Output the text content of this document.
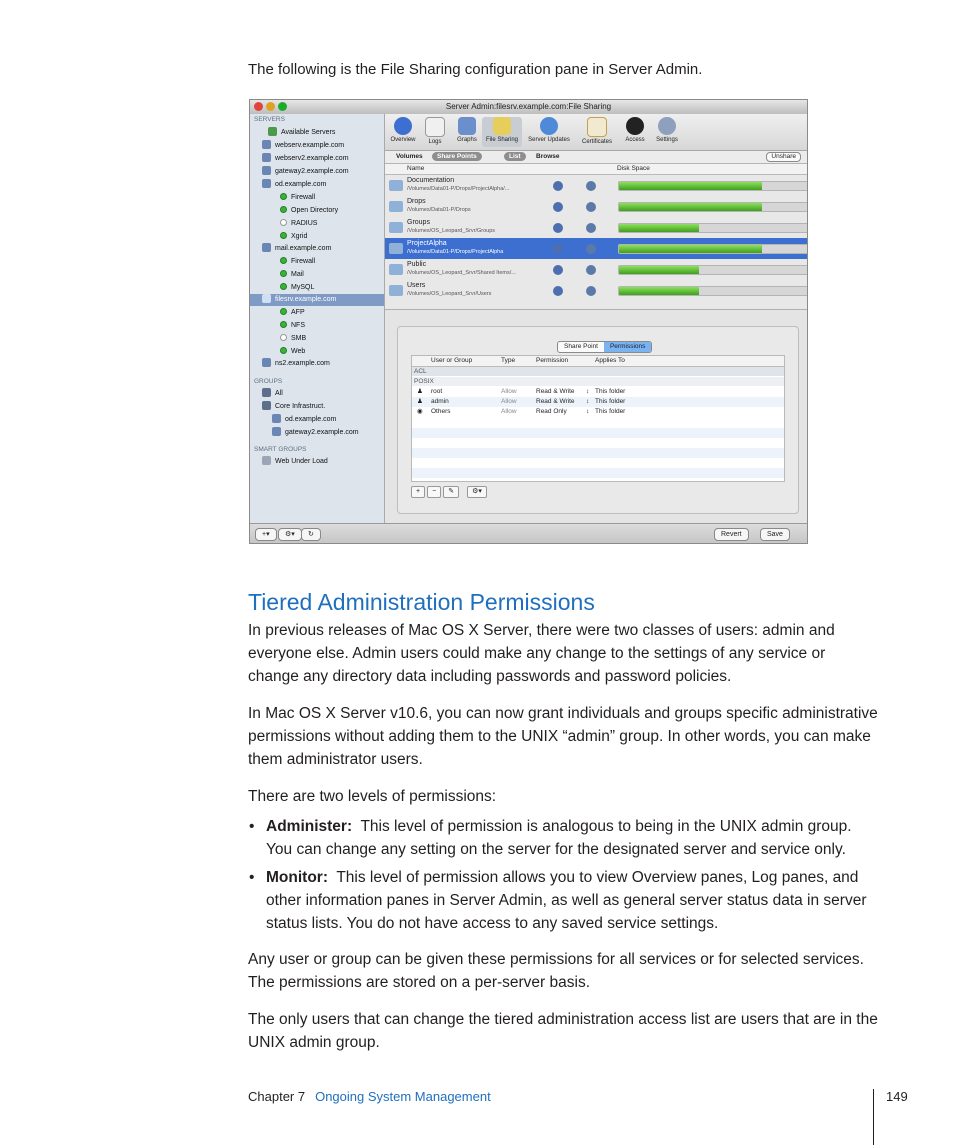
The following is the File Sharing configuration pane in Server Admin.
Server Admin:filesrv.example.com:File Sharing
SERVERS
Available Servers
webserv.example.com
webserv2.example.com
gateway2.example.com
od.example.com
Firewall
Open Directory
RADIUS
Xgrid
mail.example.com
Firewall
Mail
MySQL
filesrv.example.com
AFP
NFS
SMB
Web
ns2.example.com
GROUPS
All
Core Infrastruct.
od.example.com
gateway2.example.com
SMART GROUPS
Web Under Load
Overview	Logs	Graphs	File Sharing	Server Updates	Certificates	Access	Settings
Volumes	Share Points	List	Browse	Unshare
Name	Disk Space
Documentation
/Volumes/Data01-P/Drops/ProjectAlpha/...
Drops
/Volumes/Data01-P/Drops
Groups
/Volumes/OS_Leopard_Srvr/Groups
ProjectAlpha
/Volumes/Data01-P/Drops/ProjectAlpha
Public
/Volumes/OS_Leopard_Srvr/Shared Items/...
Users
/Volumes/OS_Leopard_Srvr/Users
Share Point Permissions
User or Group	Type	Permission	Applies To
ACL
POSIX
♟ root	Allow	Read & Write ↕ This folder
♟ admin	Allow	Read & Write ↕ This folder
◉ Others	Allow	Read Only	↕ This folder
+ − ✎	⚙▾
+▾	⚙▾	↻	Revert	Save
Tiered Administration Permissions
In previous releases of Mac OS X Server, there were two classes of users: admin and everyone else. Admin users could make any change to the settings of any service or change any directory data including passwords and password policies.
In Mac OS X Server v10.6, you can now grant individuals and groups specific administrative permissions without adding them to the UNIX “admin” group. In other words, you can make them administrator users.
There are two levels of permissions:
• Administer: This level of permission is analogous to being in the UNIX admin group. You can change any setting on the server for the designated server and service only.
• Monitor: This level of permission allows you to view Overview panes, Log panes, and other information panes in Server Admin, as well as general server status data in server status lists. You do not have access to any saved service settings.
Any user or group can be given these permissions for all services or for selected services. The permissions are stored on a per-server basis.
The only users that can change the tiered administration access list are users that are in the UNIX admin group.
Chapter 7 Ongoing System Management	149
